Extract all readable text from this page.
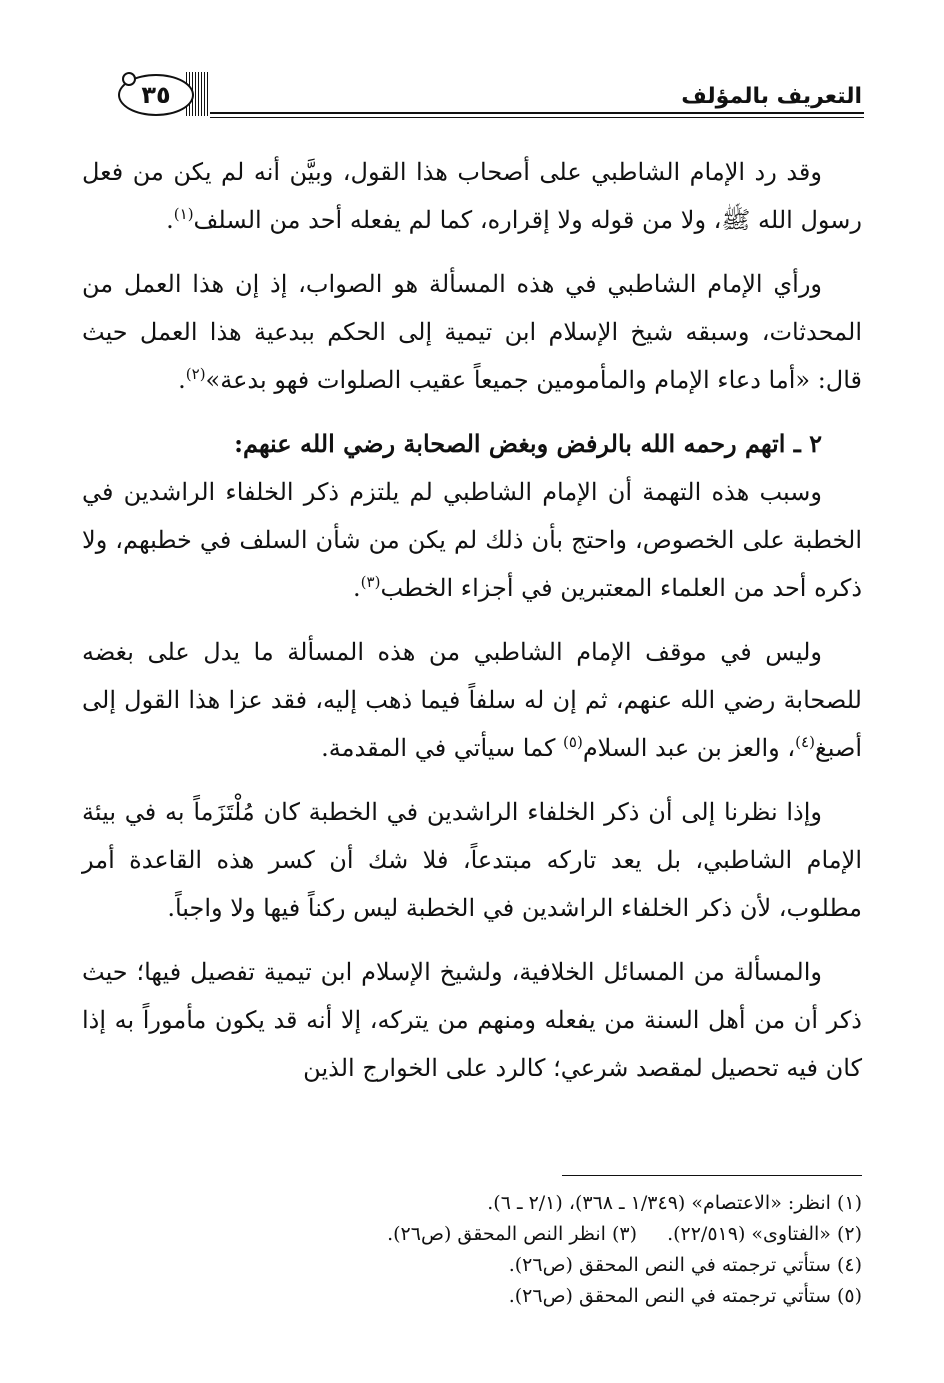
التعريف بالمؤلف
٣٥

وقد رد الإمام الشاطبي على أصحاب هذا القول، وبيَّن أنه لم يكن من فعل رسول الله ﷺ، ولا من قوله ولا إقراره، كما لم يفعله أحد من السلف$^{(١)}$.

ورأي الإمام الشاطبي في هذه المسألة هو الصواب، إذ إن هذا العمل من المحدثات، وسبقه شيخ الإسلام ابن تيمية إلى الحكم ببدعية هذا العمل حيث قال: «أما دعاء الإمام والمأمومين جميعاً عقيب الصلوات فهو بدعة»$^{(٢)}$.

٢ ـ اتهم رحمه الله بالرفض وبغض الصحابة رضي الله عنهم:

وسبب هذه التهمة أن الإمام الشاطبي لم يلتزم ذكر الخلفاء الراشدين في الخطبة على الخصوص، واحتج بأن ذلك لم يكن من شأن السلف في خطبهم، ولا ذكره أحد من العلماء المعتبرين في أجزاء الخطب$^{(٣)}$.

وليس في موقف الإمام الشاطبي من هذه المسألة ما يدل على بغضه للصحابة رضي الله عنهم، ثم إن له سلفاً فيما ذهب إليه، فقد عزا هذا القول إلى أصبغ$^{(٤)}$، والعز بن عبد السلام$^{(٥)}$ كما سيأتي في المقدمة.

وإذا نظرنا إلى أن ذكر الخلفاء الراشدين في الخطبة كان مُلْتَزَماً به في بيئة الإمام الشاطبي، بل يعد تاركه مبتدعاً، فلا شك أن كسر هذه القاعدة أمر مطلوب، لأن ذكر الخلفاء الراشدين في الخطبة ليس ركناً فيها ولا واجباً.

والمسألة من المسائل الخلافية، ولشيخ الإسلام ابن تيمية تفصيل فيها؛ حيث ذكر أن من أهل السنة من يفعله ومنهم من يتركه، إلا أنه قد يكون مأموراً به إذا كان فيه تحصيل لمقصد شرعي؛ كالرد على الخوارج الذين

(١) انظر: «الاعتصام» (١/٣٤٩ ـ ٣٦٨)، (٢/١ ـ ٦).

(٢) «الفتاوى» (٢٢/٥١٩).

(٣) انظر النص المحقق (ص٢٦).

(٤) ستأتي ترجمته في النص المحقق (ص٢٦).

(٥) ستأتي ترجمته في النص المحقق (ص٢٦).
